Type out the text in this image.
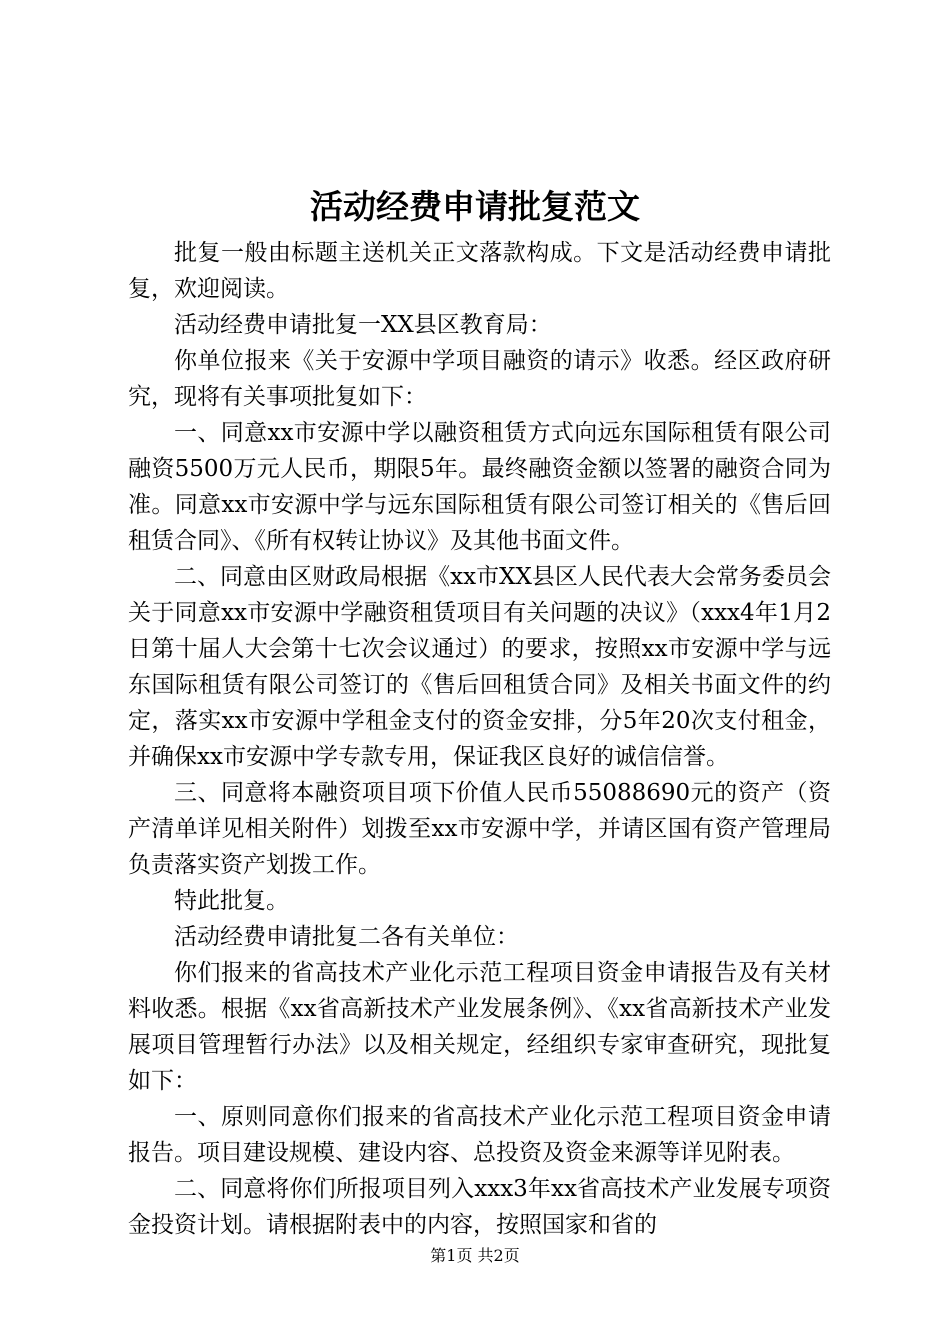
活动经费申请批复范文

批复一般由标题主送机关正文落款构成。下文是活动经费申请批复，欢迎阅读。

活动经费申请批复一XX县区教育局：

你单位报来《关于安源中学项目融资的请示》收悉。经区政府研究，现将有关事项批复如下：

一、同意xx市安源中学以融资租赁方式向远东国际租赁有限公司融资5500万元人民币，期限5年。最终融资金额以签署的融资合同为准。同意xx市安源中学与远东国际租赁有限公司签订相关的《售后回租赁合同》、《所有权转让协议》及其他书面文件。

二、同意由区财政局根据《xx市XX县区人民代表大会常务委员会关于同意xx市安源中学融资租赁项目有关问题的决议》（xxx4年1月2日第十届人大会第十七次会议通过）的要求，按照xx市安源中学与远东国际租赁有限公司签订的《售后回租赁合同》及相关书面文件的约定，落实xx市安源中学租金支付的资金安排，分5年20次支付租金，并确保xx市安源中学专款专用，保证我区良好的诚信信誉。

三、同意将本融资项目项下价值人民币55088690元的资产（资产清单详见相关附件）划拨至xx市安源中学，并请区国有资产管理局负责落实资产划拨工作。

特此批复。

活动经费申请批复二各有关单位：

你们报来的省高技术产业化示范工程项目资金申请报告及有关材料收悉。根据《xx省高新技术产业发展条例》、《xx省高新技术产业发展项目管理暂行办法》以及相关规定，经组织专家审查研究，现批复如下：

一、原则同意你们报来的省高技术产业化示范工程项目资金申请报告。项目建设规模、建设内容、总投资及资金来源等详见附表。

二、同意将你们所报项目列入xxx3年xx省高技术产业发展专项资金投资计划。请根据附表中的内容，按照国家和省的

第1页 共2页
